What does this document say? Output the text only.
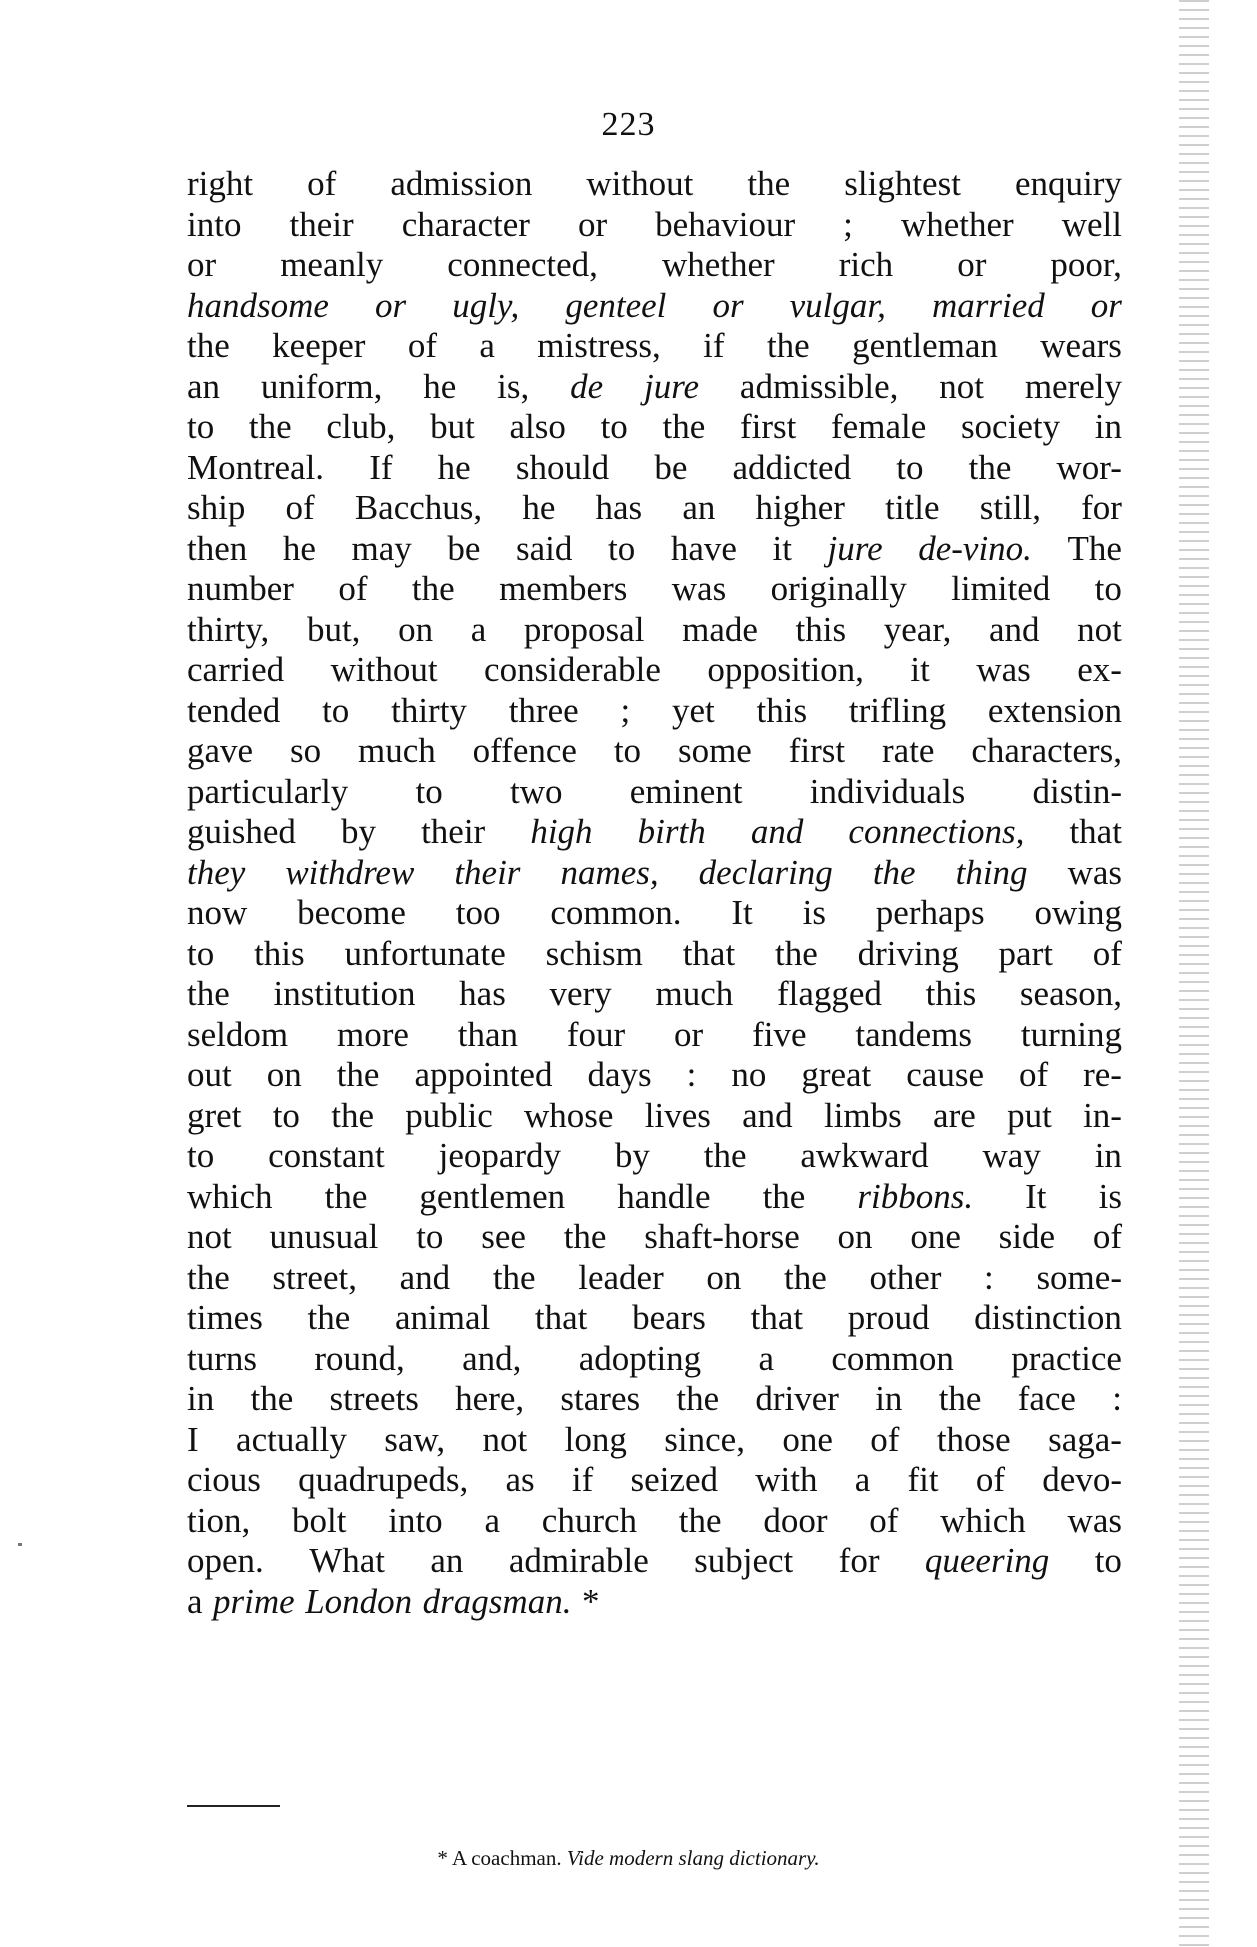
223
right of admission without the slightest enquiry
into their character or behaviour ; whether well
or meanly connected, whether rich or poor,
handsome or ugly, genteel or vulgar, married or
the keeper of a mistress, if the gentleman wears
an uniform, he is, de jure admissible, not merely
to the club, but also to the first female society in
Montreal. If he should be addicted to the wor-
ship of Bacchus, he has an higher title still, for
then he may be said to have it jure de-vino. The
number of the members was originally limited to
thirty, but, on a proposal made this year, and not
carried without considerable opposition, it was ex-
tended to thirty three ; yet this trifling extension
gave so much offence to some first rate characters,
particularly to two eminent individuals distin-
guished by their high birth and connections, that
they withdrew their names, declaring the thing was
now become too common. It is perhaps owing
to this unfortunate schism that the driving part of
the institution has very much flagged this season,
seldom more than four or five tandems turning
out on the appointed days : no great cause of re-
gret to the public whose lives and limbs are put in-
to constant jeopardy by the awkward way in
which the gentlemen handle the ribbons. It is
not unusual to see the shaft-horse on one side of
the street, and the leader on the other : some-
times the animal that bears that proud distinction
turns round, and, adopting a common practice
in the streets here, stares the driver in the face :
I actually saw, not long since, one of those saga-
cious quadrupeds, as if seized with a fit of devo-
tion, bolt into a church the door of which was
open. What an admirable subject for queering to
a prime London dragsman. *
* A coachman. Vide modern slang dictionary.
